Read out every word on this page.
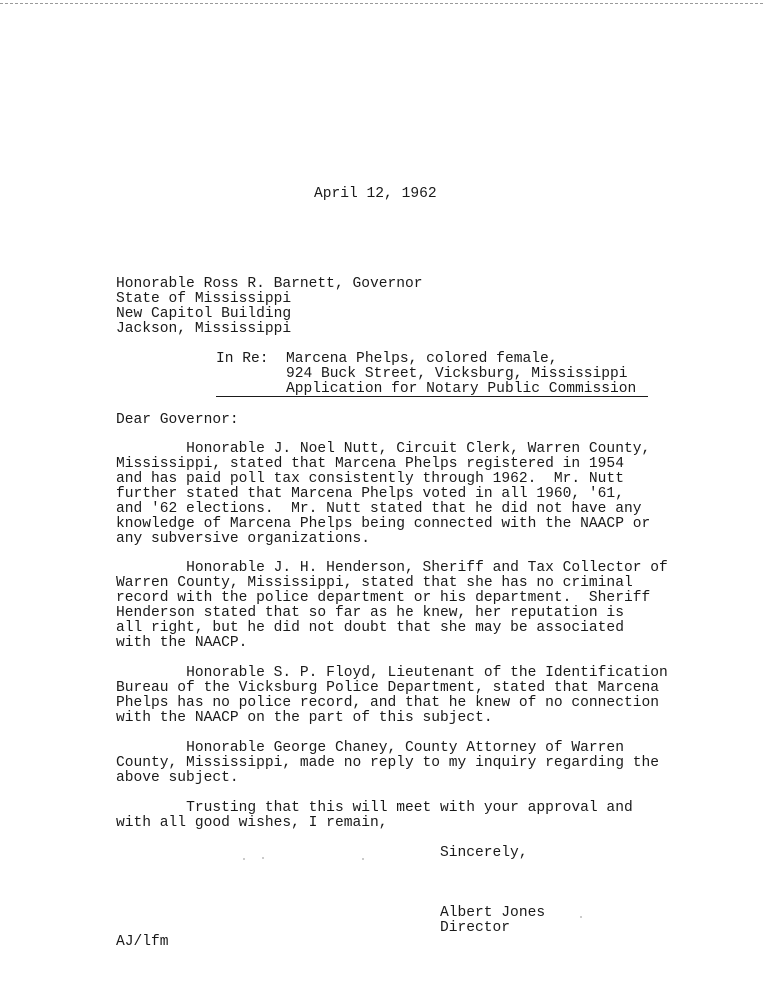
April 12, 1962

Honorable Ross R. Barnett, Governor
State of Mississippi
New Capitol Building
Jackson, Mississippi

In Re: Marcena Phelps, colored female,
924 Buck Street, Vicksburg, Mississippi
Application for Notary Public Commission

Dear Governor:

Honorable J. Noel Nutt, Circuit Clerk, Warren County,
Mississippi, stated that Marcena Phelps registered in 1954
and has paid poll tax consistently through 1962.  Mr. Nutt
further stated that Marcena Phelps voted in all 1960, '61,
and '62 elections.  Mr. Nutt stated that he did not have any
knowledge of Marcena Phelps being connected with the NAACP or
any subversive organizations.
Honorable J. H. Henderson, Sheriff and Tax Collector of
Warren County, Mississippi, stated that she has no criminal
record with the police department or his department.  Sheriff
Henderson stated that so far as he knew, her reputation is
all right, but he did not doubt that she may be associated
with the NAACP.
Honorable S. P. Floyd, Lieutenant of the Identification
Bureau of the Vicksburg Police Department, stated that Marcena
Phelps has no police record, and that he knew of no connection
with the NAACP on the part of this subject.
Honorable George Chaney, County Attorney of Warren
County, Mississippi, made no reply to my inquiry regarding the
above subject.
Trusting that this will meet with your approval and
with all good wishes, I remain,

Sincerely,

Albert Jones
Director

AJ/lfm
